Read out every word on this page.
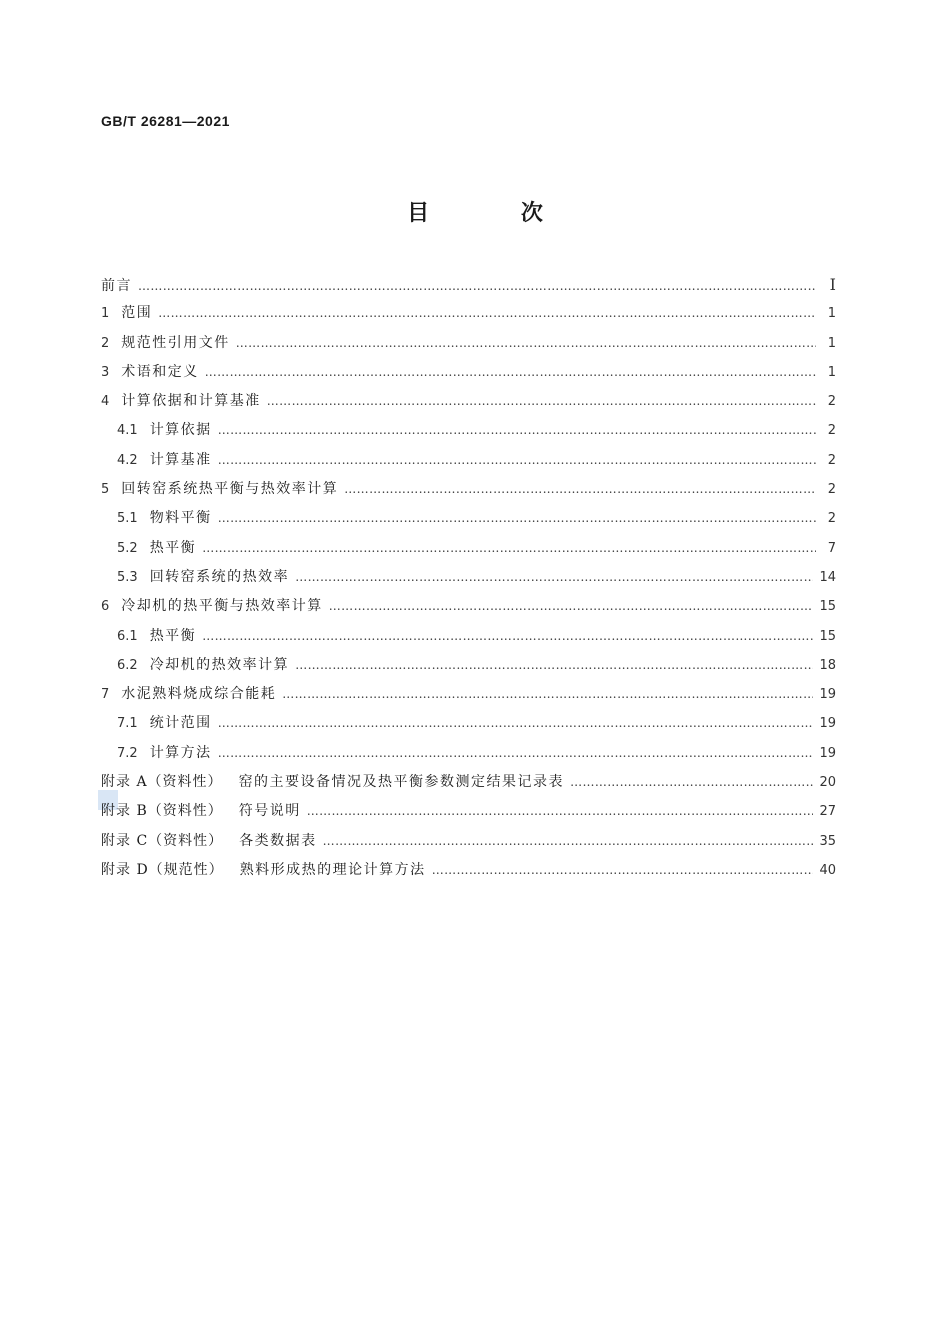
GB/T 26281—2021
目 次
前言 ………………………………………………………………………………………………………………………………………………………………………………………………………………………………	I
1 范围 ………………………………………………………………………………………………………………………………………………………………………………………………………………………………	1
2 规范性引用文件 ………………………………………………………………………………………………………………………………………………………………………………………………………………………………	1
3 术语和定义 ………………………………………………………………………………………………………………………………………………………………………………………………………………………………	1
4 计算依据和计算基准 ………………………………………………………………………………………………………………………………………………………………………………………………………………………………	2
4.1 计算依据 ………………………………………………………………………………………………………………………………………………………………………………………………………………………………	2
4.2 计算基准 ………………………………………………………………………………………………………………………………………………………………………………………………………………………………	2
5 回转窑系统热平衡与热效率计算 ………………………………………………………………………………………………………………………………………………………………………………………………………………………………	2
5.1 物料平衡 ………………………………………………………………………………………………………………………………………………………………………………………………………………………………	2
5.2 热平衡 ………………………………………………………………………………………………………………………………………………………………………………………………………………………………	7
5.3 回转窑系统的热效率 ………………………………………………………………………………………………………………………………………………………………………………………………………………………………	14
6 冷却机的热平衡与热效率计算 ………………………………………………………………………………………………………………………………………………………………………………………………………………………………	15
6.1 热平衡 ………………………………………………………………………………………………………………………………………………………………………………………………………………………………	15
6.2 冷却机的热效率计算 ………………………………………………………………………………………………………………………………………………………………………………………………………………………………	18
7 水泥熟料烧成综合能耗 ………………………………………………………………………………………………………………………………………………………………………………………………………………………………	19
7.1 统计范围 ………………………………………………………………………………………………………………………………………………………………………………………………………………………………	19
7.2 计算方法 ………………………………………………………………………………………………………………………………………………………………………………………………………………………………	19
附录 A（资料性） 窑的主要设备情况及热平衡参数测定结果记录表 ………………………………………………………………………………………………………………………………………………………………………………………………………………………………	20
附录 B（资料性） 符号说明 ………………………………………………………………………………………………………………………………………………………………………………………………………………………………	27
附录 C（资料性） 各类数据表 ………………………………………………………………………………………………………………………………………………………………………………………………………………………………	35
附录 D（规范性） 熟料形成热的理论计算方法 ………………………………………………………………………………………………………………………………………………………………………………………………………………………………	40
